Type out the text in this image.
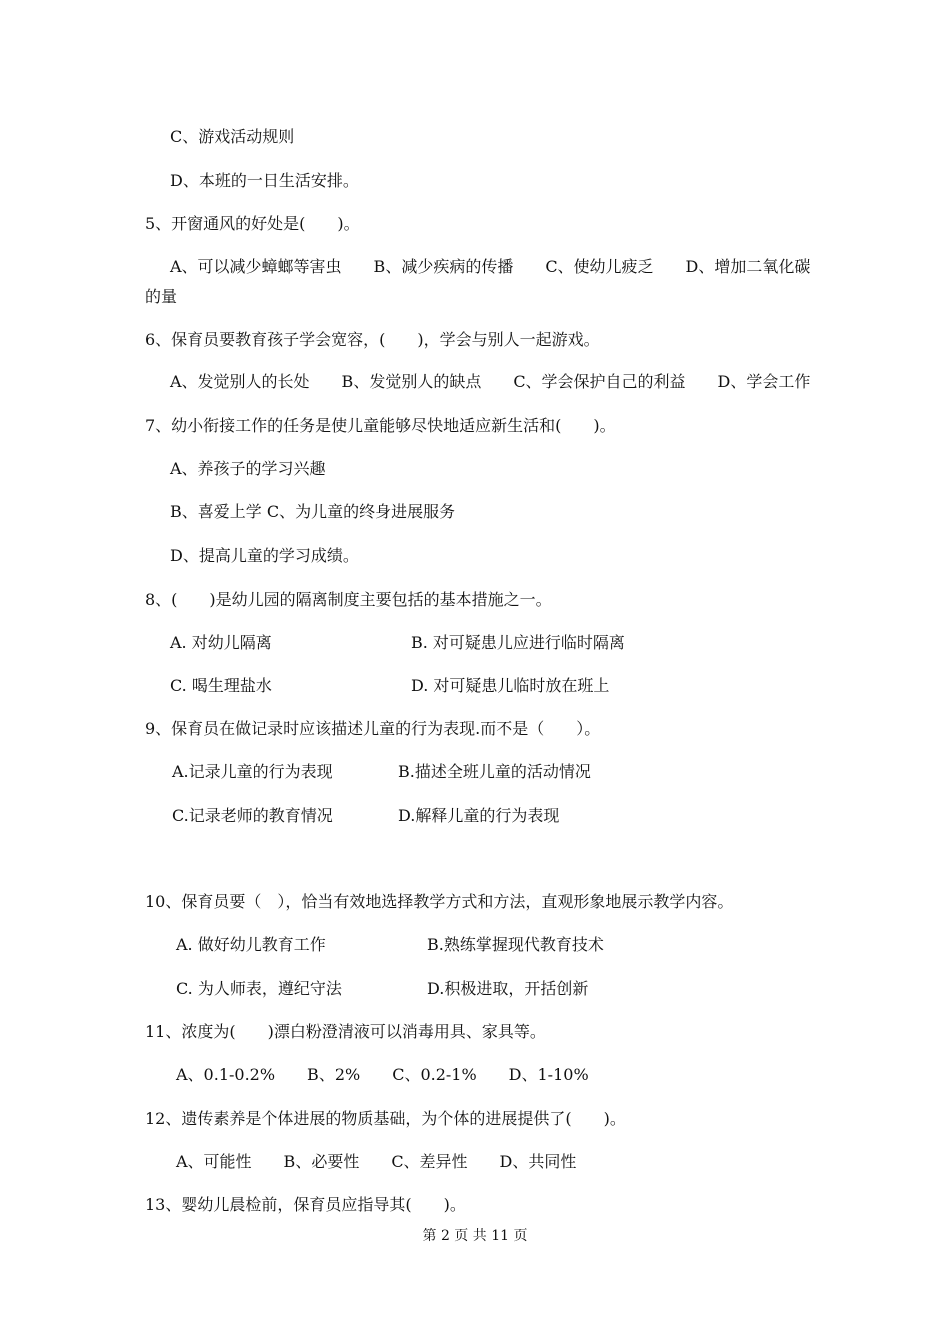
C、游戏活动规则
D、本班的一日生活安排。
5、开窗通风的好处是(　　)。
A、可以减少蟑螂等害虫　　B、减少疾病的传播　　C、使幼儿疲乏　　D、增加二氧化碳
的量
6、保育员要教育孩子学会宽容，(　　)，学会与别人一起游戏。
A、发觉别人的长处　　B、发觉别人的缺点　　C、学会保护自己的利益　　D、学会工作
7、幼小衔接工作的任务是使儿童能够尽快地适应新生活和(　　)。
A、养孩子的学习兴趣
B、喜爱上学 C、为儿童的终身进展服务
D、提高儿童的学习成绩。
8、(　　)是幼儿园的隔离制度主要包括的基本措施之一。
A. 对幼儿隔离	B. 对可疑患儿应进行临时隔离
C. 喝生理盐水	D. 对可疑患儿临时放在班上
9、保育员在做记录时应该描述儿童的行为表现.而不是（　　）。
A.记录儿童的行为表现	B.描述全班儿童的活动情况
C.记录老师的教育情况	D.解释儿童的行为表现
10、保育员要（　），恰当有效地选择教学方式和方法，直观形象地展示教学内容。
A. 做好幼儿教育工作	B.熟练掌握现代教育技术
C. 为人师表，遵纪守法	D.积极进取，开括创新
11、浓度为(　　)漂白粉澄清液可以消毒用具、家具等。
A、0.1-0.2%　　B、2%　　C、0.2-1%　　D、1-10%
12、遗传素养是个体进展的物质基础，为个体的进展提供了(　　)。
A、可能性　　B、必要性　　C、差异性　　D、共同性
13、婴幼儿晨检前，保育员应指导其(　　)。
第 2 页 共 11 页
